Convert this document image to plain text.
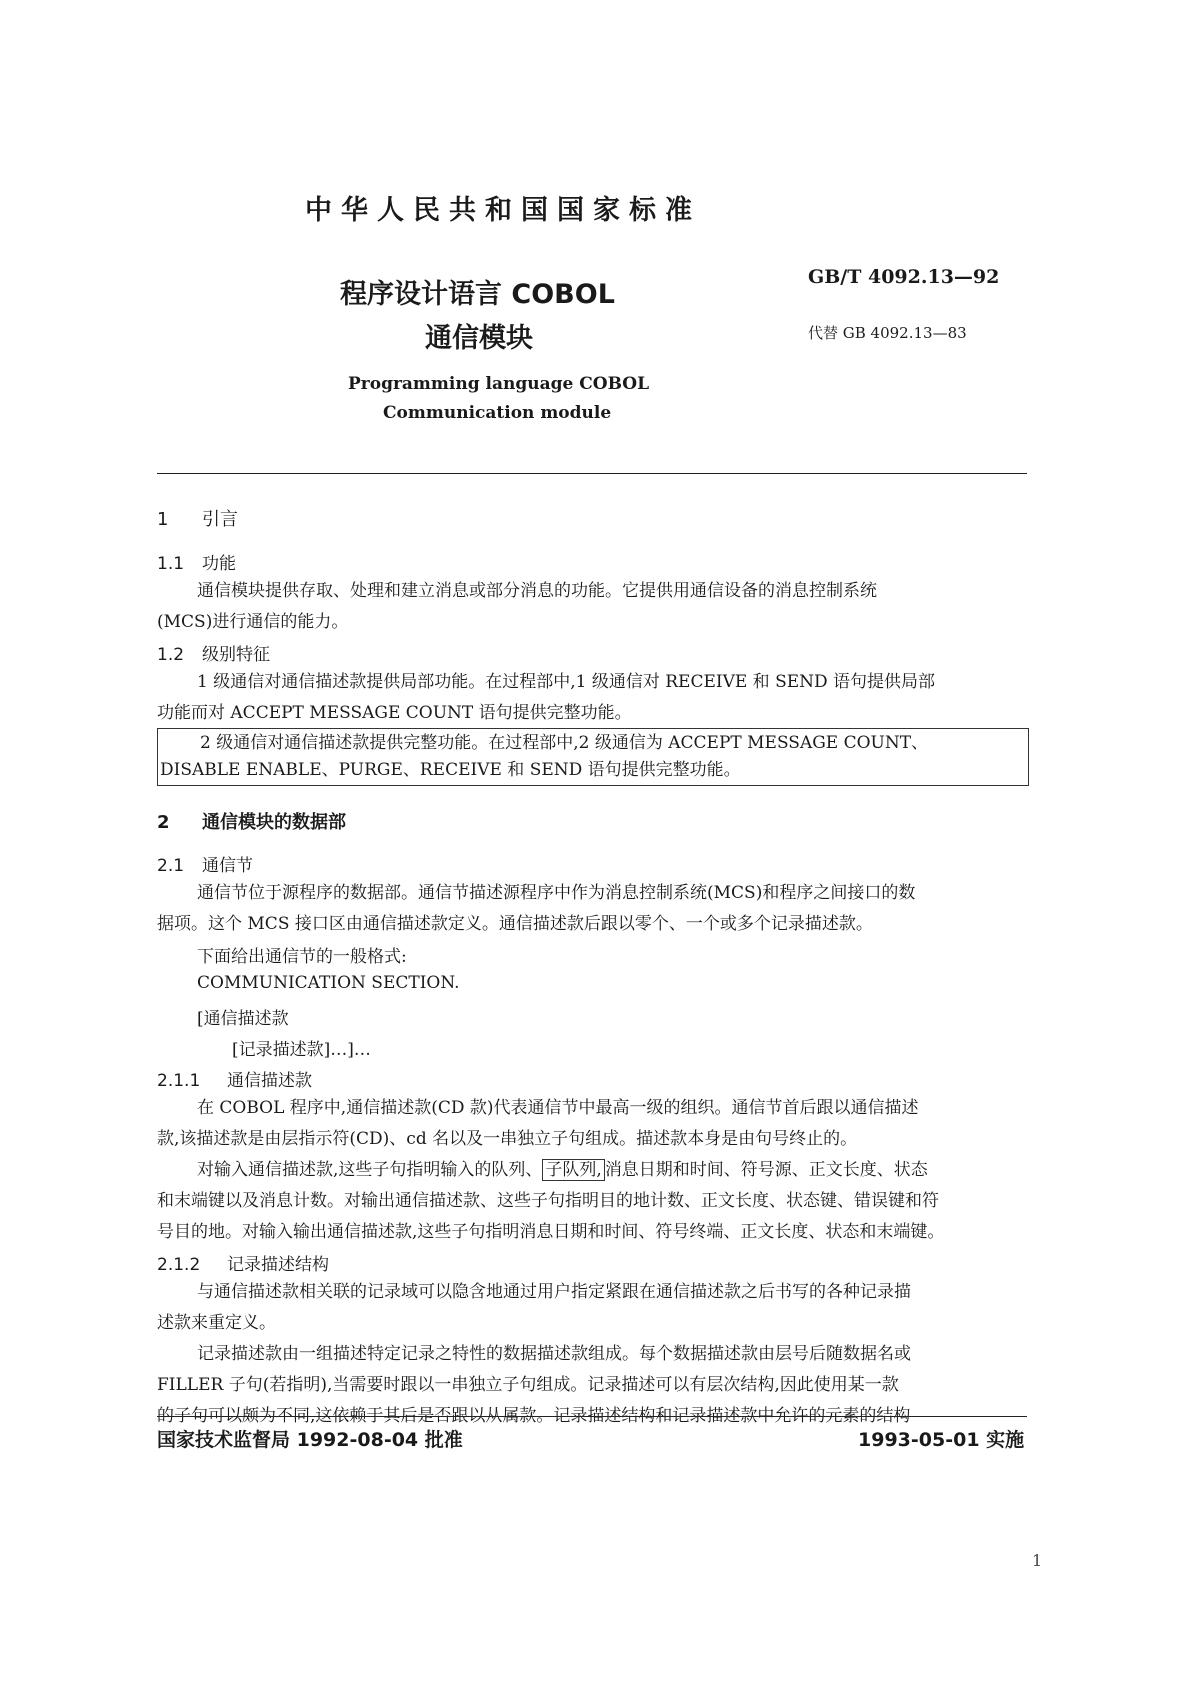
中华人民共和国国家标准
程序设计语言 COBOL
通信模块
GB/T 4092.13—92
代替 GB 4092.13—83
Programming language COBOL
Communication module
1 引言
1.1 功能
通信模块提供存取、处理和建立消息或部分消息的功能。它提供用通信设备的消息控制系统
(MCS)进行通信的能力。
1.2 级别特征
1 级通信对通信描述款提供局部功能。在过程部中,1 级通信对 RECEIVE 和 SEND 语句提供局部
功能而对 ACCEPT MESSAGE COUNT 语句提供完整功能。
2 级通信对通信描述款提供完整功能。在过程部中,2 级通信为 ACCEPT MESSAGE COUNT、
DISABLE ENABLE、PURGE、RECEIVE 和 SEND 语句提供完整功能。
2 通信模块的数据部
2.1 通信节
通信节位于源程序的数据部。通信节描述源程序中作为消息控制系统(MCS)和程序之间接口的数
据项。这个 MCS 接口区由通信描述款定义。通信描述款后跟以零个、一个或多个记录描述款。
下面给出通信节的一般格式:
COMMUNICATION SECTION.
[通信描述款
[记录描述款]…]…
2.1.1 通信描述款
在 COBOL 程序中,通信描述款(CD 款)代表通信节中最高一级的组织。通信节首后跟以通信描述
款,该描述款是由层指示符(CD)、cd 名以及一串独立子句组成。描述款本身是由句号终止的。
对输入通信描述款,这些子句指明输入的队列、 子队列, 消息日期和时间、符号源、正文长度、状态
和末端键以及消息计数。对输出通信描述款、这些子句指明目的地计数、正文长度、状态键、错误键和符
号目的地。对输入输出通信描述款,这些子句指明消息日期和时间、符号终端、正文长度、状态和末端键。
2.1.2 记录描述结构
与通信描述款相关联的记录域可以隐含地通过用户指定紧跟在通信描述款之后书写的各种记录描
述款来重定义。
记录描述款由一组描述特定记录之特性的数据描述款组成。每个数据描述款由层号后随数据名或
FILLER 子句(若指明),当需要时跟以一串独立子句组成。记录描述可以有层次结构,因此使用某一款
的子句可以颇为不同,这依赖于其后是否跟以从属款。记录描述结构和记录描述款中允许的元素的结构
国家技术监督局 1992-08-04 批准	1993-05-01 实施
1
